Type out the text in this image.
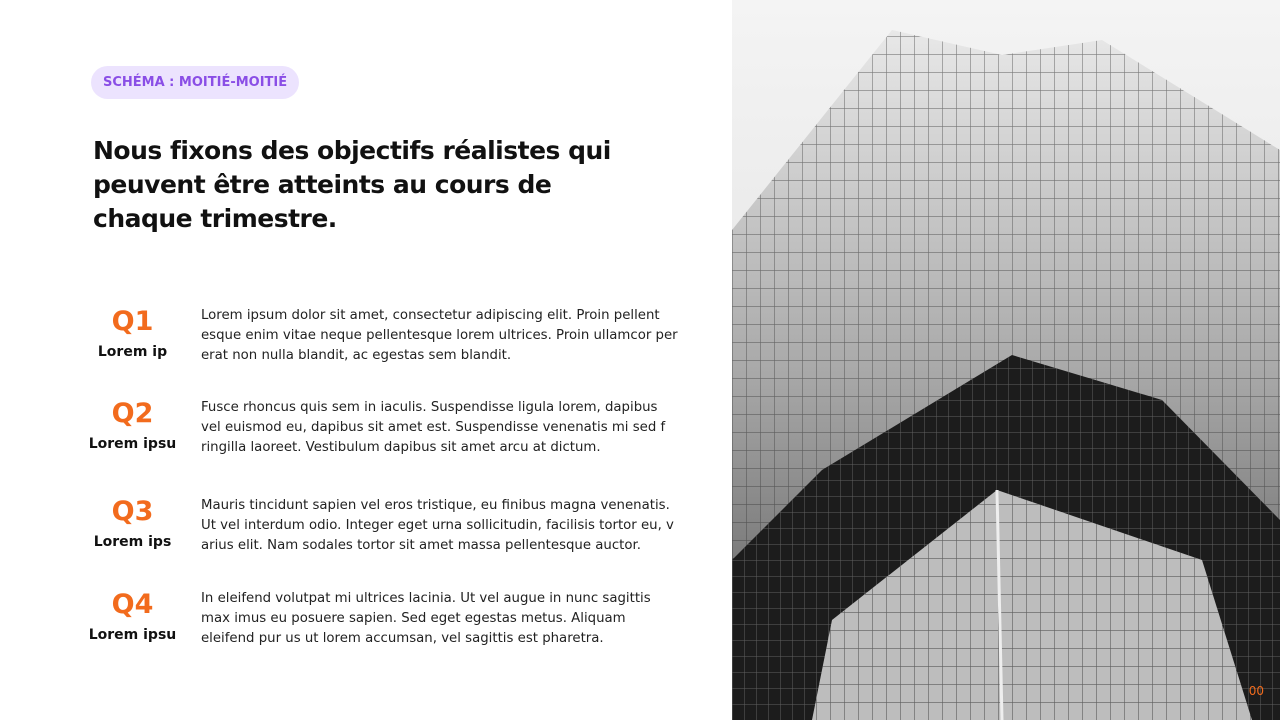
SCHÉMA : MOITIÉ-MOITIÉ
Nous fixons des objectifs réalistes qui peuvent être atteints au cours de chaque trimestre.
Q1
Lorem ip
Lorem ipsum dolor sit amet, consectetur adipiscing elit. Proin pellent esque enim vitae neque pellentesque lorem ultrices. Proin ullamcor per erat non nulla blandit, ac egestas sem blandit.
Q2
Lorem ipsu
Fusce rhoncus quis sem in iaculis. Suspendisse ligula lorem, dapibus vel euismod eu, dapibus sit amet est. Suspendisse venenatis mi sed f ringilla laoreet. Vestibulum dapibus sit amet arcu at dictum.
Q3
Lorem ips
Mauris tincidunt sapien vel eros tristique, eu finibus magna venenatis. Ut vel interdum odio. Integer eget urna sollicitudin, facilisis tortor eu, v arius elit. Nam sodales tortor sit amet massa pellentesque auctor.
Q4
Lorem ipsu
In eleifend volutpat mi ultrices lacinia. Ut vel augue in nunc sagittis max imus eu posuere sapien. Sed eget egestas metus. Aliquam eleifend pur us ut lorem accumsan, vel sagittis est pharetra.
00
